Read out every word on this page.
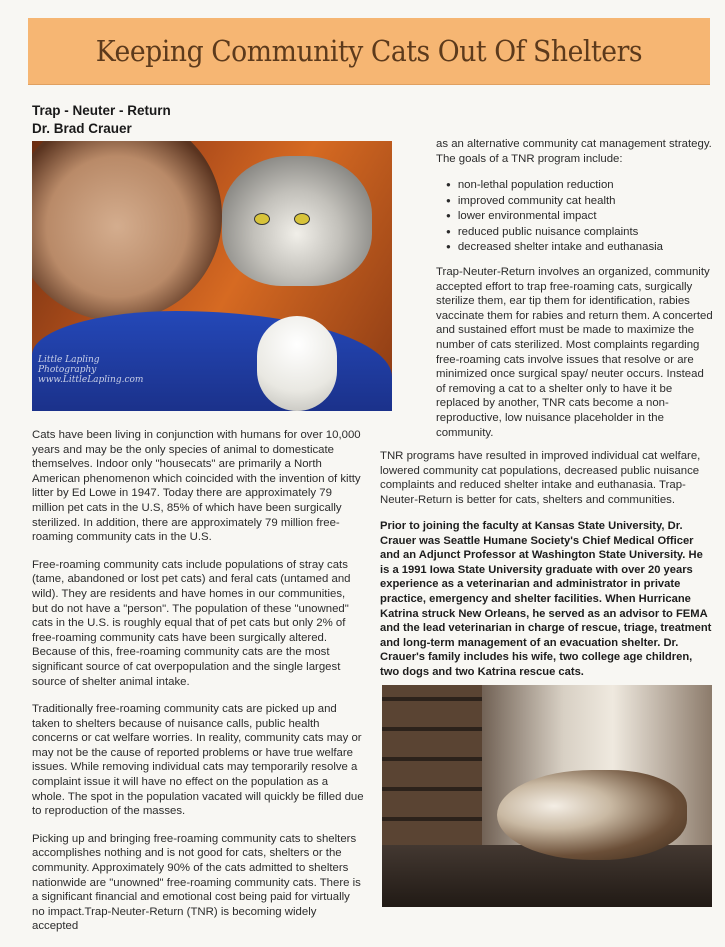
Keeping Community Cats Out Of Shelters
Trap - Neuter - Return
Dr. Brad Crauer
Little Lapling Photography www.LittleLapling.com

Cats have been living in conjunction with humans for over 10,000 years and may be the only species of animal to domesticate themselves. Indoor only "housecats" are primarily a North American phenomenon which coincided with the invention of kitty litter by Ed Lowe in 1947. Today there are approximately 79 million pet cats in the U.S, 85% of which have been surgically sterilized. In addition, there are approximately 79 million free-roaming community cats in the U.S.

Free-roaming community cats include populations of stray cats (tame, abandoned or lost pet cats) and feral cats (untamed and wild). They are residents and have homes in our communities, but do not have a "person". The population of these "unowned" cats in the U.S. is roughly equal that of pet cats but only 2% of free-roaming community cats have been surgically altered. Because of this, free-roaming community cats are the most significant source of cat overpopulation and the single largest source of shelter animal intake.

Traditionally free-roaming community cats are picked up and taken to shelters because of nuisance calls, public health concerns or cat welfare worries. In reality, community cats may or may not be the cause of reported problems or have true welfare issues. While removing individual cats may temporarily resolve a complaint issue it will have no effect on the population as a whole. The spot in the population vacated will quickly be filled due to reproduction of the masses.

Picking up and bringing free-roaming community cats to shelters accomplishes nothing and is not good for cats, shelters or the community. Approximately 90% of the cats admitted to shelters nationwide are "unowned" free-roaming community cats. There is a significant financial and emotional cost being paid for virtually no impact.Trap-Neuter-Return (TNR) is becoming widely accepted

as an alternative community cat management strategy. The goals of a TNR program include:
● non-lethal population reduction
● improved community cat health
● lower environmental impact
● reduced public nuisance complaints
● decreased shelter intake and euthanasia
Trap-Neuter-Return involves an organized, community accepted effort to trap free-roaming cats, surgically sterilize them, ear tip them for identification, rabies vaccinate them for rabies and return them. A concerted and sustained effort must be made to maximize the number of cats sterilized. Most complaints regarding free-roaming cats involve issues that resolve or are minimized once surgical spay/ neuter occurs. Instead of removing a cat to a shelter only to have it be replaced by another, TNR cats become a non-reproductive, low nuisance placeholder in the community.
TNR programs have resulted in improved individual cat welfare, lowered community cat populations, decreased public nuisance complaints and reduced shelter intake and euthanasia. Trap-Neuter-Return is better for cats, shelters and communities.
Prior to joining the faculty at Kansas State University, Dr. Crauer was Seattle Humane Society's Chief Medical Officer and an Adjunct Professor at Washington State University. He is a 1991 Iowa State University graduate with over 20 years experience as a veterinarian and administrator in private practice, emergency and shelter facilities. When Hurricane Katrina struck New Orleans, he served as an advisor to FEMA and the lead veterinarian in charge of rescue, triage, treatment and long-term management of an evacuation shelter. Dr. Crauer's family includes his wife, two college age children, two dogs and two Katrina rescue cats.
